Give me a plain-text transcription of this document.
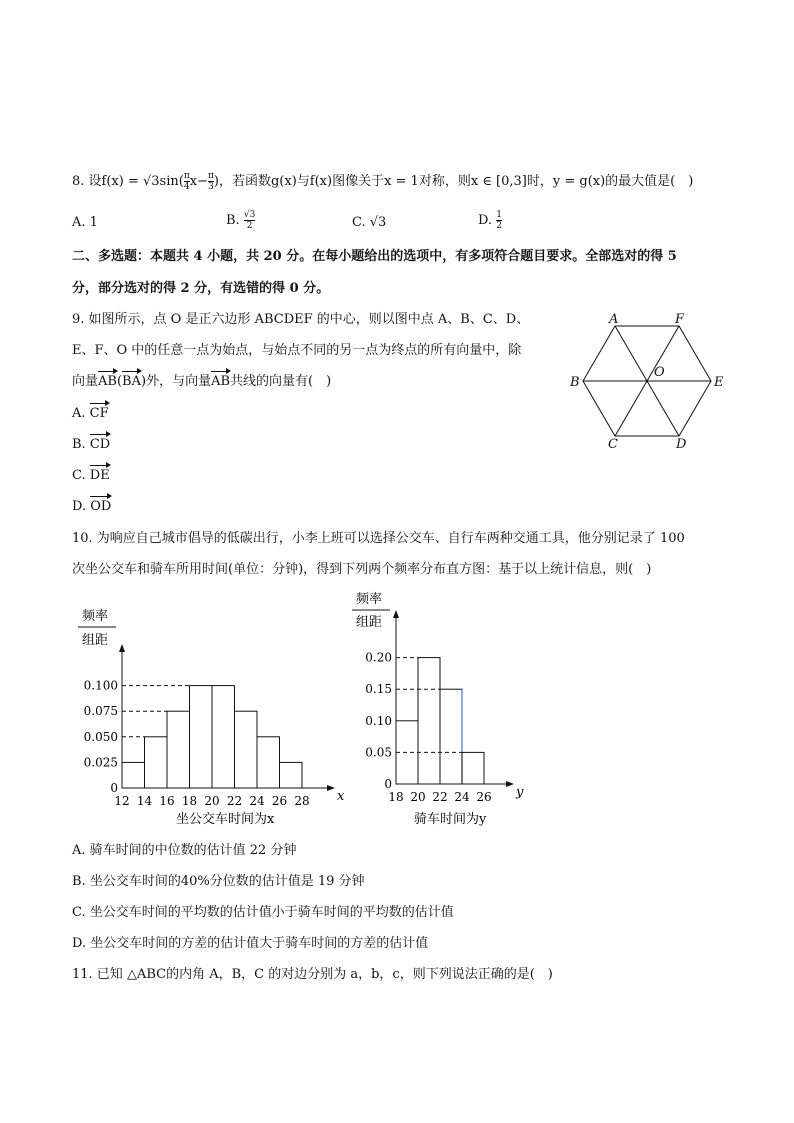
8. 设$f(x) = √3\sin( \frac{\pi}{4} x- \frac{\pi}{3}$ )，若函数g(x)与f(x)图像关于x = 1对称，则x ∈ [0,3]时，y = g(x)的最大值是(　)
A. 1	B. $\frac{√3}{2}$	C. √3	D. $\frac{1}{2}$
二、多选题：本题共 4 小题，共 20 分。在每小题给出的选项中，有多项符合题目要求。全部选对的得 5
分，部分选对的得 2 分，有选错的得 0 分。
9. 如图所示，点 O 是正六边形 ABCDEF 的中心，则以图中点 A、B、C、D、
E、F、O 中的任意一点为始点，与始点不同的另一点为终点的所有向量中，除
向量AB(BA)外，与向量AB共线的向量有(　)
A. CF
B. CD
C. DE
D. OD
A	F
B	E
O
C	D
10. 为响应自己城市倡导的低碳出行，小李上班可以选择公交车、自行车两种交通工具，他分别记录了 100
次坐公交车和骑车所用时间(单位：分钟)，得到下列两个频率分布直方图：基于以上统计信息，则(　)
频率
组距
0.100
0.075
0.050
0.025
0
12 14 16 18 20 22 24 26 28 x
坐公交车时间为x
频率
组距
0.20
0.15
0.10
0.05
0
18 20 22 24 26 y
骑车时间为y
A. 骑车时间的中位数的估计值 22 分钟
B. 坐公交车时间的40%分位数的估计值是 19 分钟
C. 坐公交车时间的平均数的估计值小于骑车时间的平均数的估计值
D. 坐公交车时间的方差的估计值大于骑车时间的方差的估计值
11. 已知 △ABC的内角 A，B，C 的对边分别为 a，b，c，则下列说法正确的是(　)
